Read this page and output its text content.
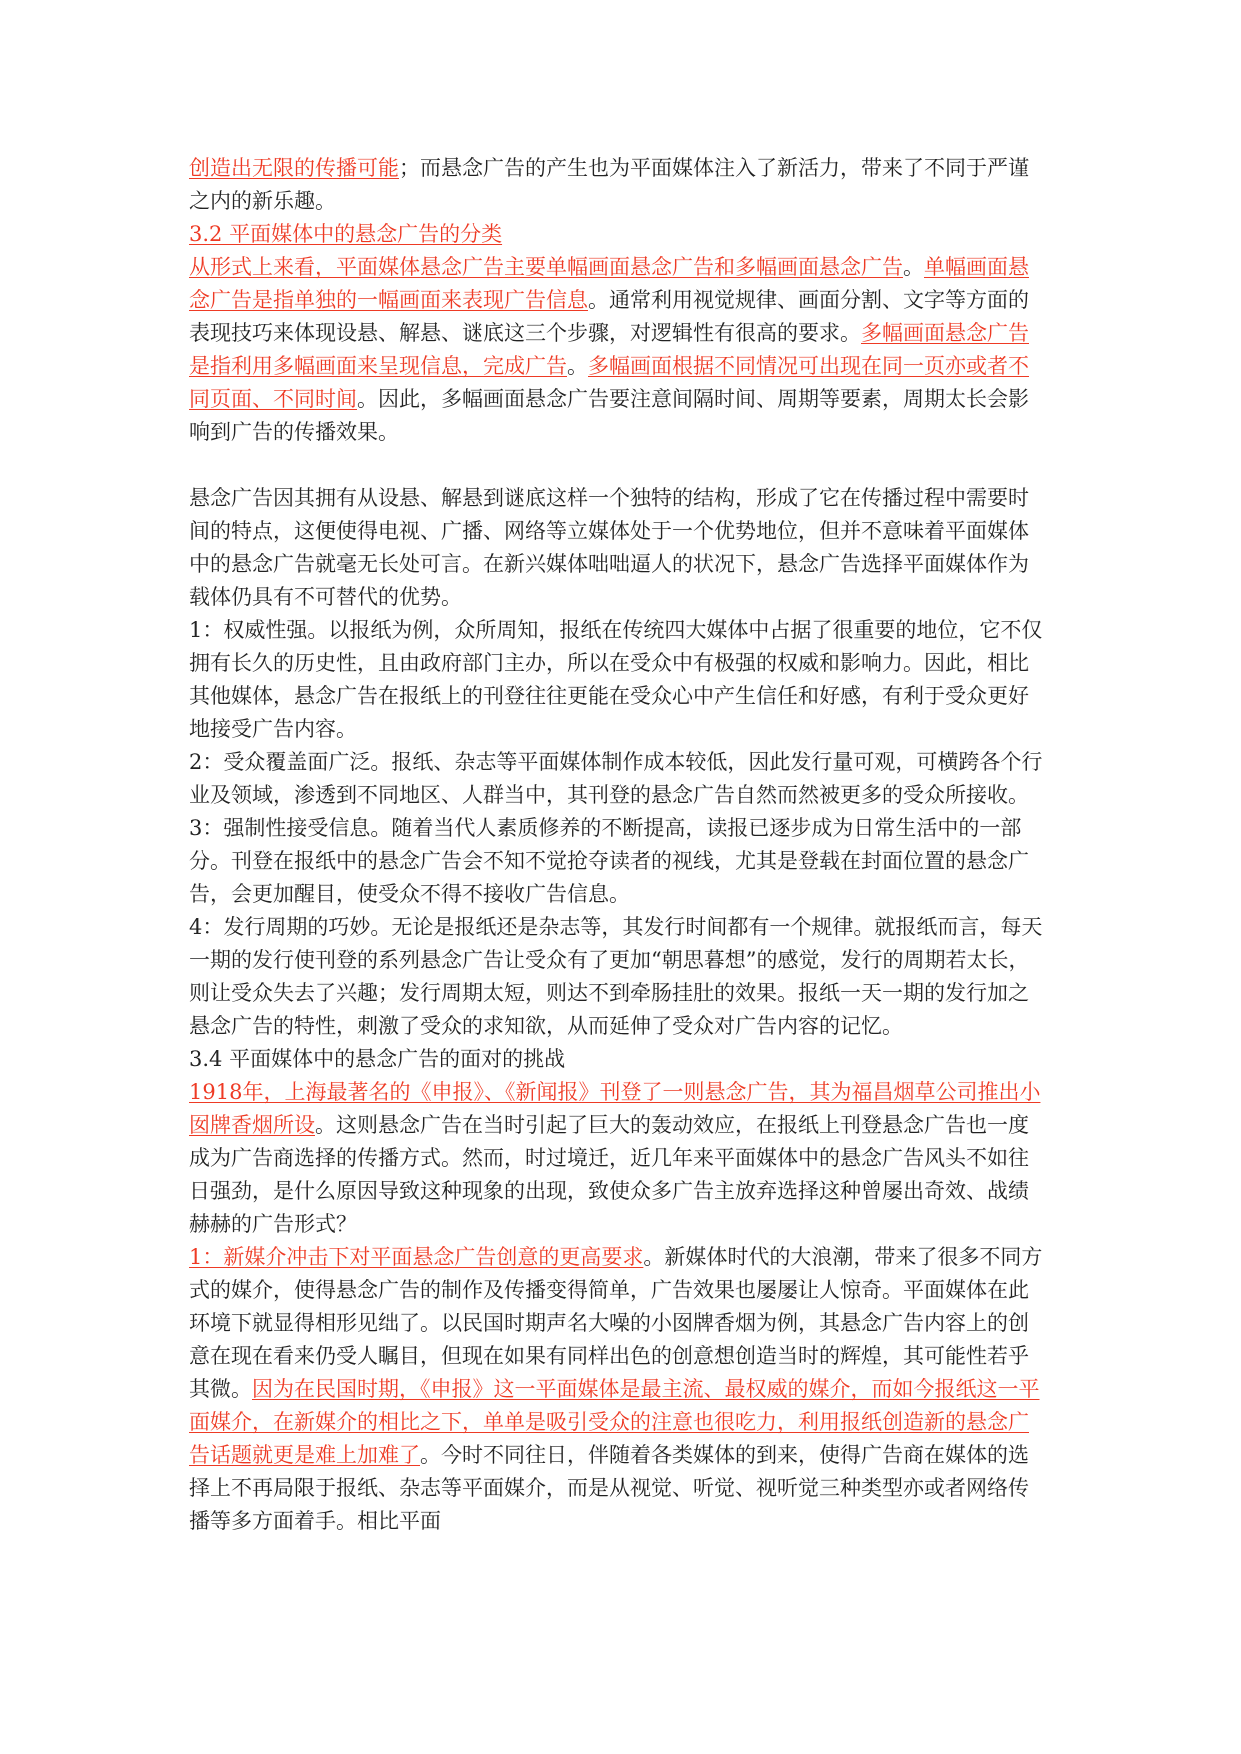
创造出无限的传播可能；而悬念广告的产生也为平面媒体注入了新活力，带来了不同于严谨之内的新乐趣。

3.2 平面媒体中的悬念广告的分类

从形式上来看，平面媒体悬念广告主要单幅画面悬念广告和多幅画面悬念广告。单幅画面悬念广告是指单独的一幅画面来表现广告信息。通常利用视觉规律、画面分割、文字等方面的表现技巧来体现设悬、解悬、谜底这三个步骤，对逻辑性有很高的要求。多幅画面悬念广告是指利用多幅画面来呈现信息，完成广告。多幅画面根据不同情况可出现在同一页亦或者不同页面、不同时间。因此，多幅画面悬念广告要注意间隔时间、周期等要素，周期太长会影响到广告的传播效果。

悬念广告因其拥有从设悬、解悬到谜底这样一个独特的结构，形成了它在传播过程中需要时间的特点，这便使得电视、广播、网络等立媒体处于一个优势地位，但并不意味着平面媒体中的悬念广告就毫无长处可言。在新兴媒体咄咄逼人的状况下，悬念广告选择平面媒体作为载体仍具有不可替代的优势。

1：权威性强。以报纸为例，众所周知，报纸在传统四大媒体中占据了很重要的地位，它不仅拥有长久的历史性，且由政府部门主办，所以在受众中有极强的权威和影响力。因此，相比其他媒体，悬念广告在报纸上的刊登往往更能在受众心中产生信任和好感，有利于受众更好地接受广告内容。

2：受众覆盖面广泛。报纸、杂志等平面媒体制作成本较低，因此发行量可观，可横跨各个行业及领域，渗透到不同地区、人群当中，其刊登的悬念广告自然而然被更多的受众所接收。

3：强制性接受信息。随着当代人素质修养的不断提高，读报已逐步成为日常生活中的一部分。刊登在报纸中的悬念广告会不知不觉抢夺读者的视线，尤其是登载在封面位置的悬念广告，会更加醒目，使受众不得不接收广告信息。

4：发行周期的巧妙。无论是报纸还是杂志等，其发行时间都有一个规律。就报纸而言，每天一期的发行使刊登的系列悬念广告让受众有了更加“朝思暮想”的感觉，发行的周期若太长，则让受众失去了兴趣；发行周期太短，则达不到牵肠挂肚的效果。报纸一天一期的发行加之悬念广告的特性，刺激了受众的求知欲，从而延伸了受众对广告内容的记忆。

3.4 平面媒体中的悬念广告的面对的挑战

1918年，上海最著名的《申报》、《新闻报》刊登了一则悬念广告，其为福昌烟草公司推出小囡牌香烟所设。这则悬念广告在当时引起了巨大的轰动效应，在报纸上刊登悬念广告也一度成为广告商选择的传播方式。然而，时过境迁，近几年来平面媒体中的悬念广告风头不如往日强劲，是什么原因导致这种现象的出现，致使众多广告主放弃选择这种曾屡出奇效、战绩赫赫的广告形式？

1：新媒介冲击下对平面悬念广告创意的更高要求。新媒体时代的大浪潮，带来了很多不同方式的媒介，使得悬念广告的制作及传播变得简单，广告效果也屡屡让人惊奇。平面媒体在此环境下就显得相形见绌了。以民国时期声名大噪的小囡牌香烟为例，其悬念广告内容上的创意在现在看来仍受人瞩目，但现在如果有同样出色的创意想创造当时的辉煌，其可能性若乎其微。因为在民国时期，《申报》这一平面媒体是最主流、最权威的媒介，而如今报纸这一平面媒介，在新媒介的相比之下，单单是吸引受众的注意也很吃力，利用报纸创造新的悬念广告话题就更是难上加难了。今时不同往日，伴随着各类媒体的到来，使得广告商在媒体的选择上不再局限于报纸、杂志等平面媒介，而是从视觉、听觉、视听觉三种类型亦或者网络传播等多方面着手。相比平面
